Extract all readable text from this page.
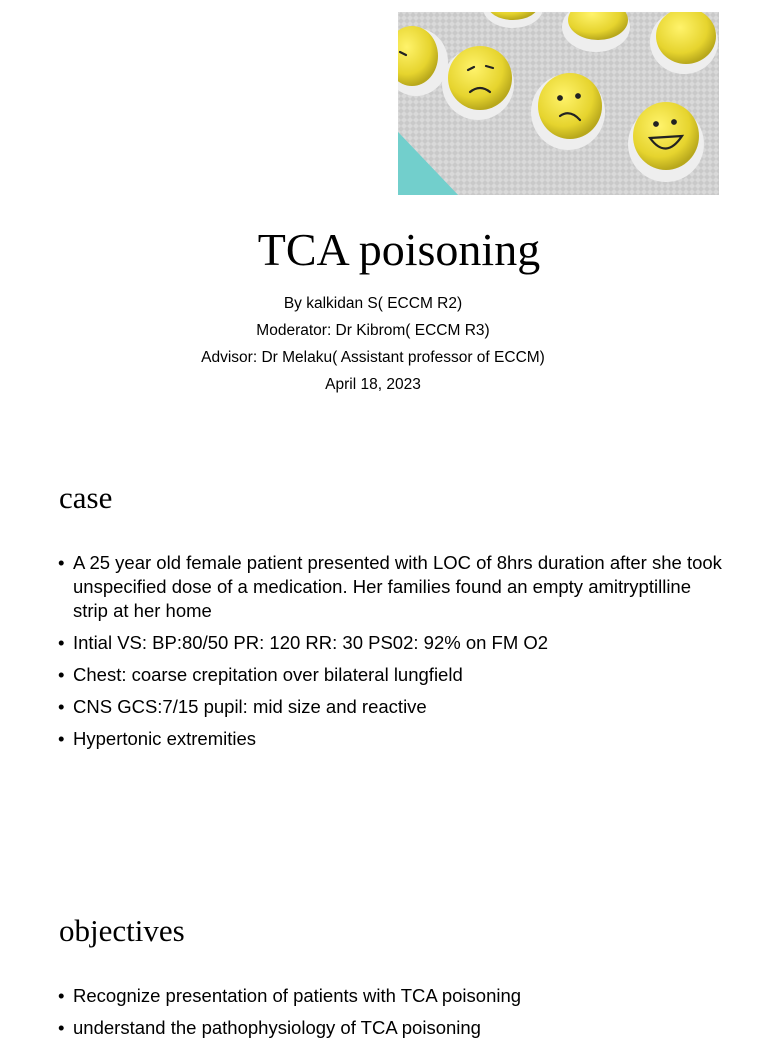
TCA poisoning
By kalkidan S( ECCM R2)
Moderator: Dr Kibrom( ECCM R3)
Advisor: Dr Melaku( Assistant professor of ECCM)
April 18, 2023
case
• A 25 year old female patient presented with LOC of 8hrs duration after she took unspecified dose of a medication. Her families found an empty amitryptilline strip at her home
• Intial VS: BP:80/50 PR: 120 RR: 30 PS02: 92% on FM O2
• Chest: coarse crepitation over bilateral lungfield
• CNS GCS:7/15 pupil: mid size and reactive
• Hypertonic extremities
objectives
• Recognize presentation of patients with TCA poisoning
• understand the pathophysiology of TCA poisoning
